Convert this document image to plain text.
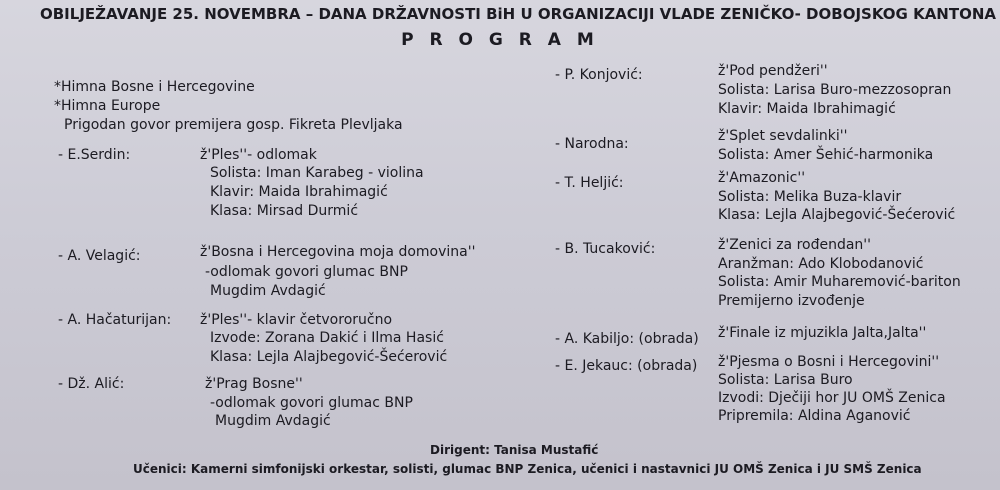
OBILJEŽAVANJE 25. NOVEMBRA – DANA DRŽAVNOSTI BiH U ORGANIZACIJI VLADE ZENIČKO- DOBOJSKOG KANTONA
P R O G R A M
*Himna Bosne i Hercegovine
*Himna Europe
Prigodan govor premijera gosp. Fikreta Plevljaka
- E.Serdin:	ž'Ples''- odlomak
Solista: Iman Karabeg - violina
Klavir: Maida Ibrahimagić
Klasa: Mirsad Durmić
- A. Velagić:	ž'Bosna i Hercegovina moja domovina''
-odlomak govori glumac BNP
Mugdim Avdagić
- A. Hačaturijan: ž'Ples''- klavir četvororučno
Izvode: Zorana Dakić i Ilma Hasić
Klasa: Lejla Alajbegović-Šećerović
- Dž. Alić:	ž'Prag Bosne''
-odlomak govori glumac BNP
Mugdim Avdagić
- P. Konjović:	ž'Pod pendžeri''
Solista: Larisa Buro-mezzosopran
Klavir: Maida Ibrahimagić
- Narodna:	ž'Splet sevdalinki''
Solista: Amer Šehić-harmonika
- T. Heljić:	ž'Amazonic''
Solista: Melika Buza-klavir
Klasa: Lejla Alajbegović-Šećerović
- B. Tucaković:	ž'Zenici za rođendan''
Aranžman: Ado Klobodanović
Solista: Amir Muharemović-bariton
Premijerno izvođenje
- A. Kabiljo: (obrada) ž'Finale iz mjuzikla Jalta,Jalta''
- E. Jekauc: (obrada) ž'Pjesma o Bosni i Hercegovini''
Solista: Larisa Buro
Izvodi: Dječiji hor JU OMŠ Zenica
Pripremila: Aldina Aganović
Dirigent: Tanisa Mustafić
Učenici: Kamerni simfonijski orkestar, solisti, glumac BNP Zenica, učenici i nastavnici JU OMŠ Zenica i JU SMŠ Zenica
